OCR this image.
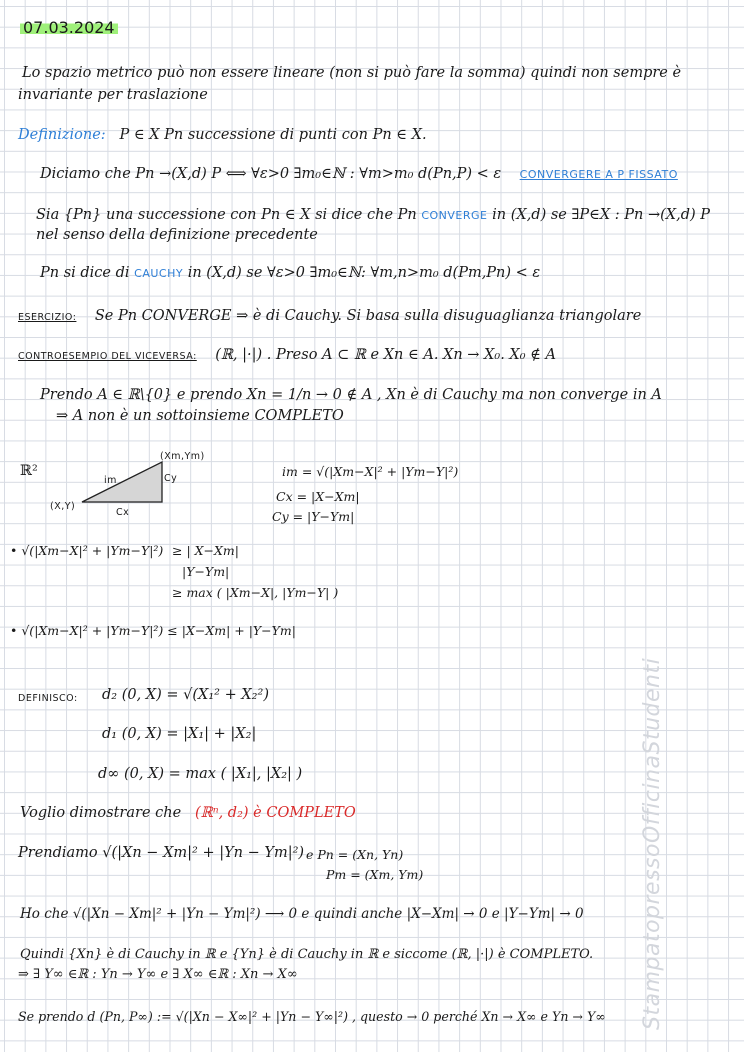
07.03.2024
Lo spazio metrico può non essere lineare (non si può fare la somma) quindi non sempre è
invariante per traslazione
Definizione: P ∈ X Pn successione di punti con Pn ∈ X.
Diciamo che Pn →(X,d) P ⟺ ∀ε>0 ∃m₀∈ℕ : ∀m>m₀ d(Pn,P) < ε CONVERGERE A P FISSATO
Sia {Pn} una successione con Pn ∈ X si dice che Pn CONVERGE in (X,d) se ∃P∈X : Pn →(X,d) P
nel senso della definizione precedente
Pn si dice di CAUCHY in (X,d) se ∀ε>0 ∃m₀∈ℕ: ∀m,n>m₀ d(Pm,Pn) < ε
ESERCIZIO: Se Pn CONVERGE ⇒ è di Cauchy. Si basa sulla disuguaglianza triangolare
CONTROESEMPIO DEL VICEVERSA: (ℝ, |·|) . Preso A ⊂ ℝ e Xn ∈ A. Xn → X₀. X₀ ∉ A
Prendo A ∈ ℝ\{0} e prendo Xn = 1/n → 0 ∉ A , Xn è di Cauchy ma non converge in A
⇒ A non è un sottoinsieme COMPLETO
ℝ²
(Xm,Ym)
im	Cy
(X,Y)
Cx
im = √(|Xm−X|² + |Ym−Y|²)
Cx = |X−Xm|
Cy = |Y−Ym|
• √(|Xm−X|² + |Ym−Y|²) ≥ | X−Xm|
|Y−Ym|
≥ max ( |Xm−X|, |Ym−Y| )
• √(|Xm−X|² + |Ym−Y|²) ≤ |X−Xm| + |Y−Ym|
DEFINISCO: d₂ (0, X) = √(X₁² + X₂²)
d₁ (0, X) = |X₁| + |X₂|
d∞ (0, X) = max ( |X₁|, |X₂| )
Voglio dimostrare che (ℝⁿ, d₂) è COMPLETO
Prendiamo √(|Xn − Xm|² + |Yn − Ym|²) e Pn = (Xn, Yn)
Pm = (Xm, Ym)
Ho che √(|Xn − Xm|² + |Yn − Ym|²) ⟶ 0 e quindi anche |X−Xm| → 0 e |Y−Ym| → 0
Quindi {Xn} è di Cauchy in ℝ e {Yn} è di Cauchy in ℝ e siccome (ℝ, |·|) è COMPLETO.
⇒ ∃ Y∞ ∈ℝ : Yn → Y∞ e ∃ X∞ ∈ℝ : Xn → X∞
Se prendo d (Pn, P∞) := √(|Xn − X∞|² + |Yn − Y∞|²) , questo → 0 perché Xn → X∞ e Yn → Y∞ StampatopressoOfficinaStudenti
